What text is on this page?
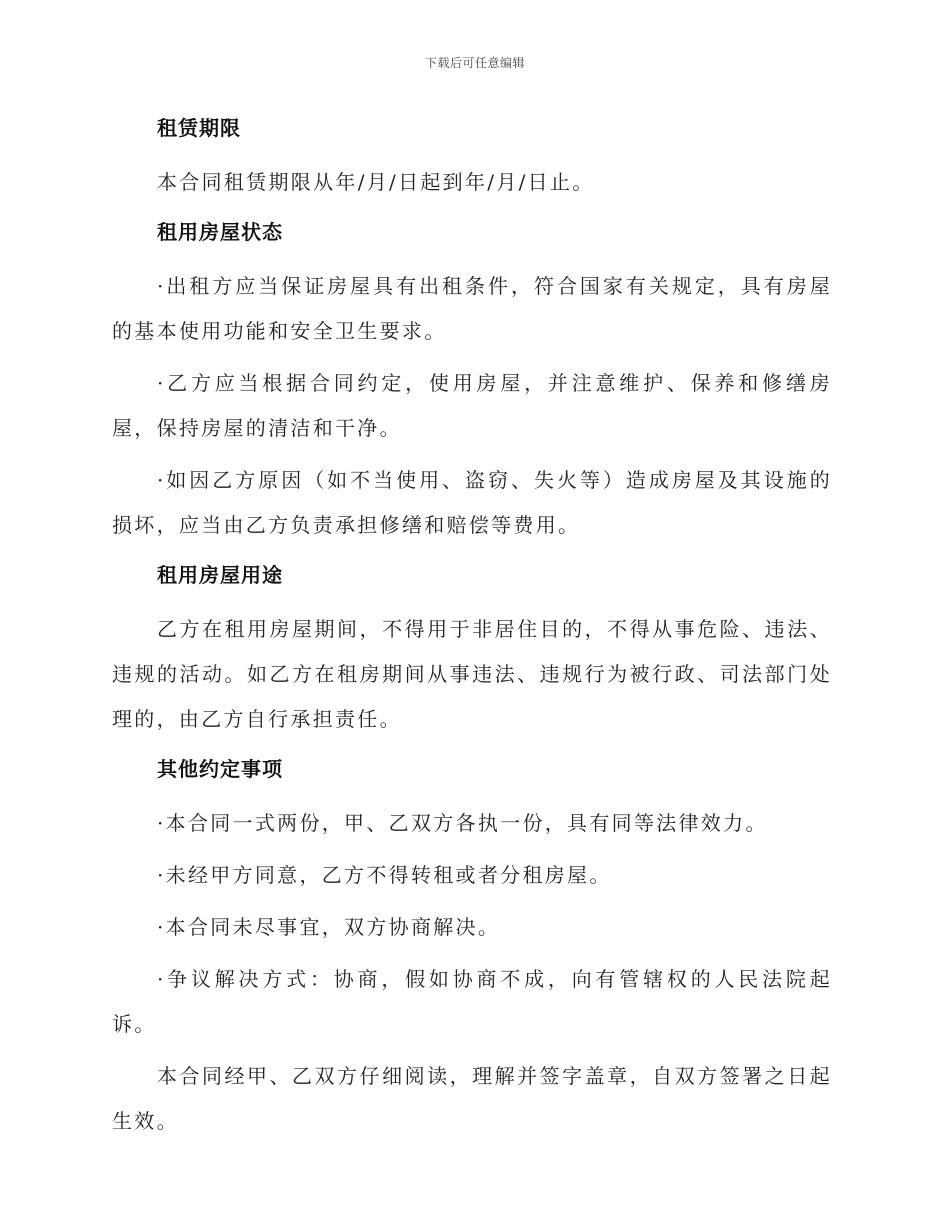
下载后可任意编辑
租赁期限

本合同租赁期限从年/月/日起到年/月/日止。

租用房屋状态

·出租方应当保证房屋具有出租条件，符合国家有关规定，具有房屋的基本使用功能和安全卫生要求。

·乙方应当根据合同约定，使用房屋，并注意维护、保养和修缮房屋，保持房屋的清洁和干净。

·如因乙方原因（如不当使用、盗窃、失火等）造成房屋及其设施的损坏，应当由乙方负责承担修缮和赔偿等费用。

租用房屋用途

乙方在租用房屋期间，不得用于非居住目的，不得从事危险、违法、违规的活动。如乙方在租房期间从事违法、违规行为被行政、司法部门处理的，由乙方自行承担责任。

其他约定事项

·本合同一式两份，甲、乙双方各执一份，具有同等法律效力。

·未经甲方同意，乙方不得转租或者分租房屋。

·本合同未尽事宜，双方协商解决。

·争议解决方式：协商，假如协商不成，向有管辖权的人民法院起诉。

本合同经甲、乙双方仔细阅读，理解并签字盖章，自双方签署之日起生效。
